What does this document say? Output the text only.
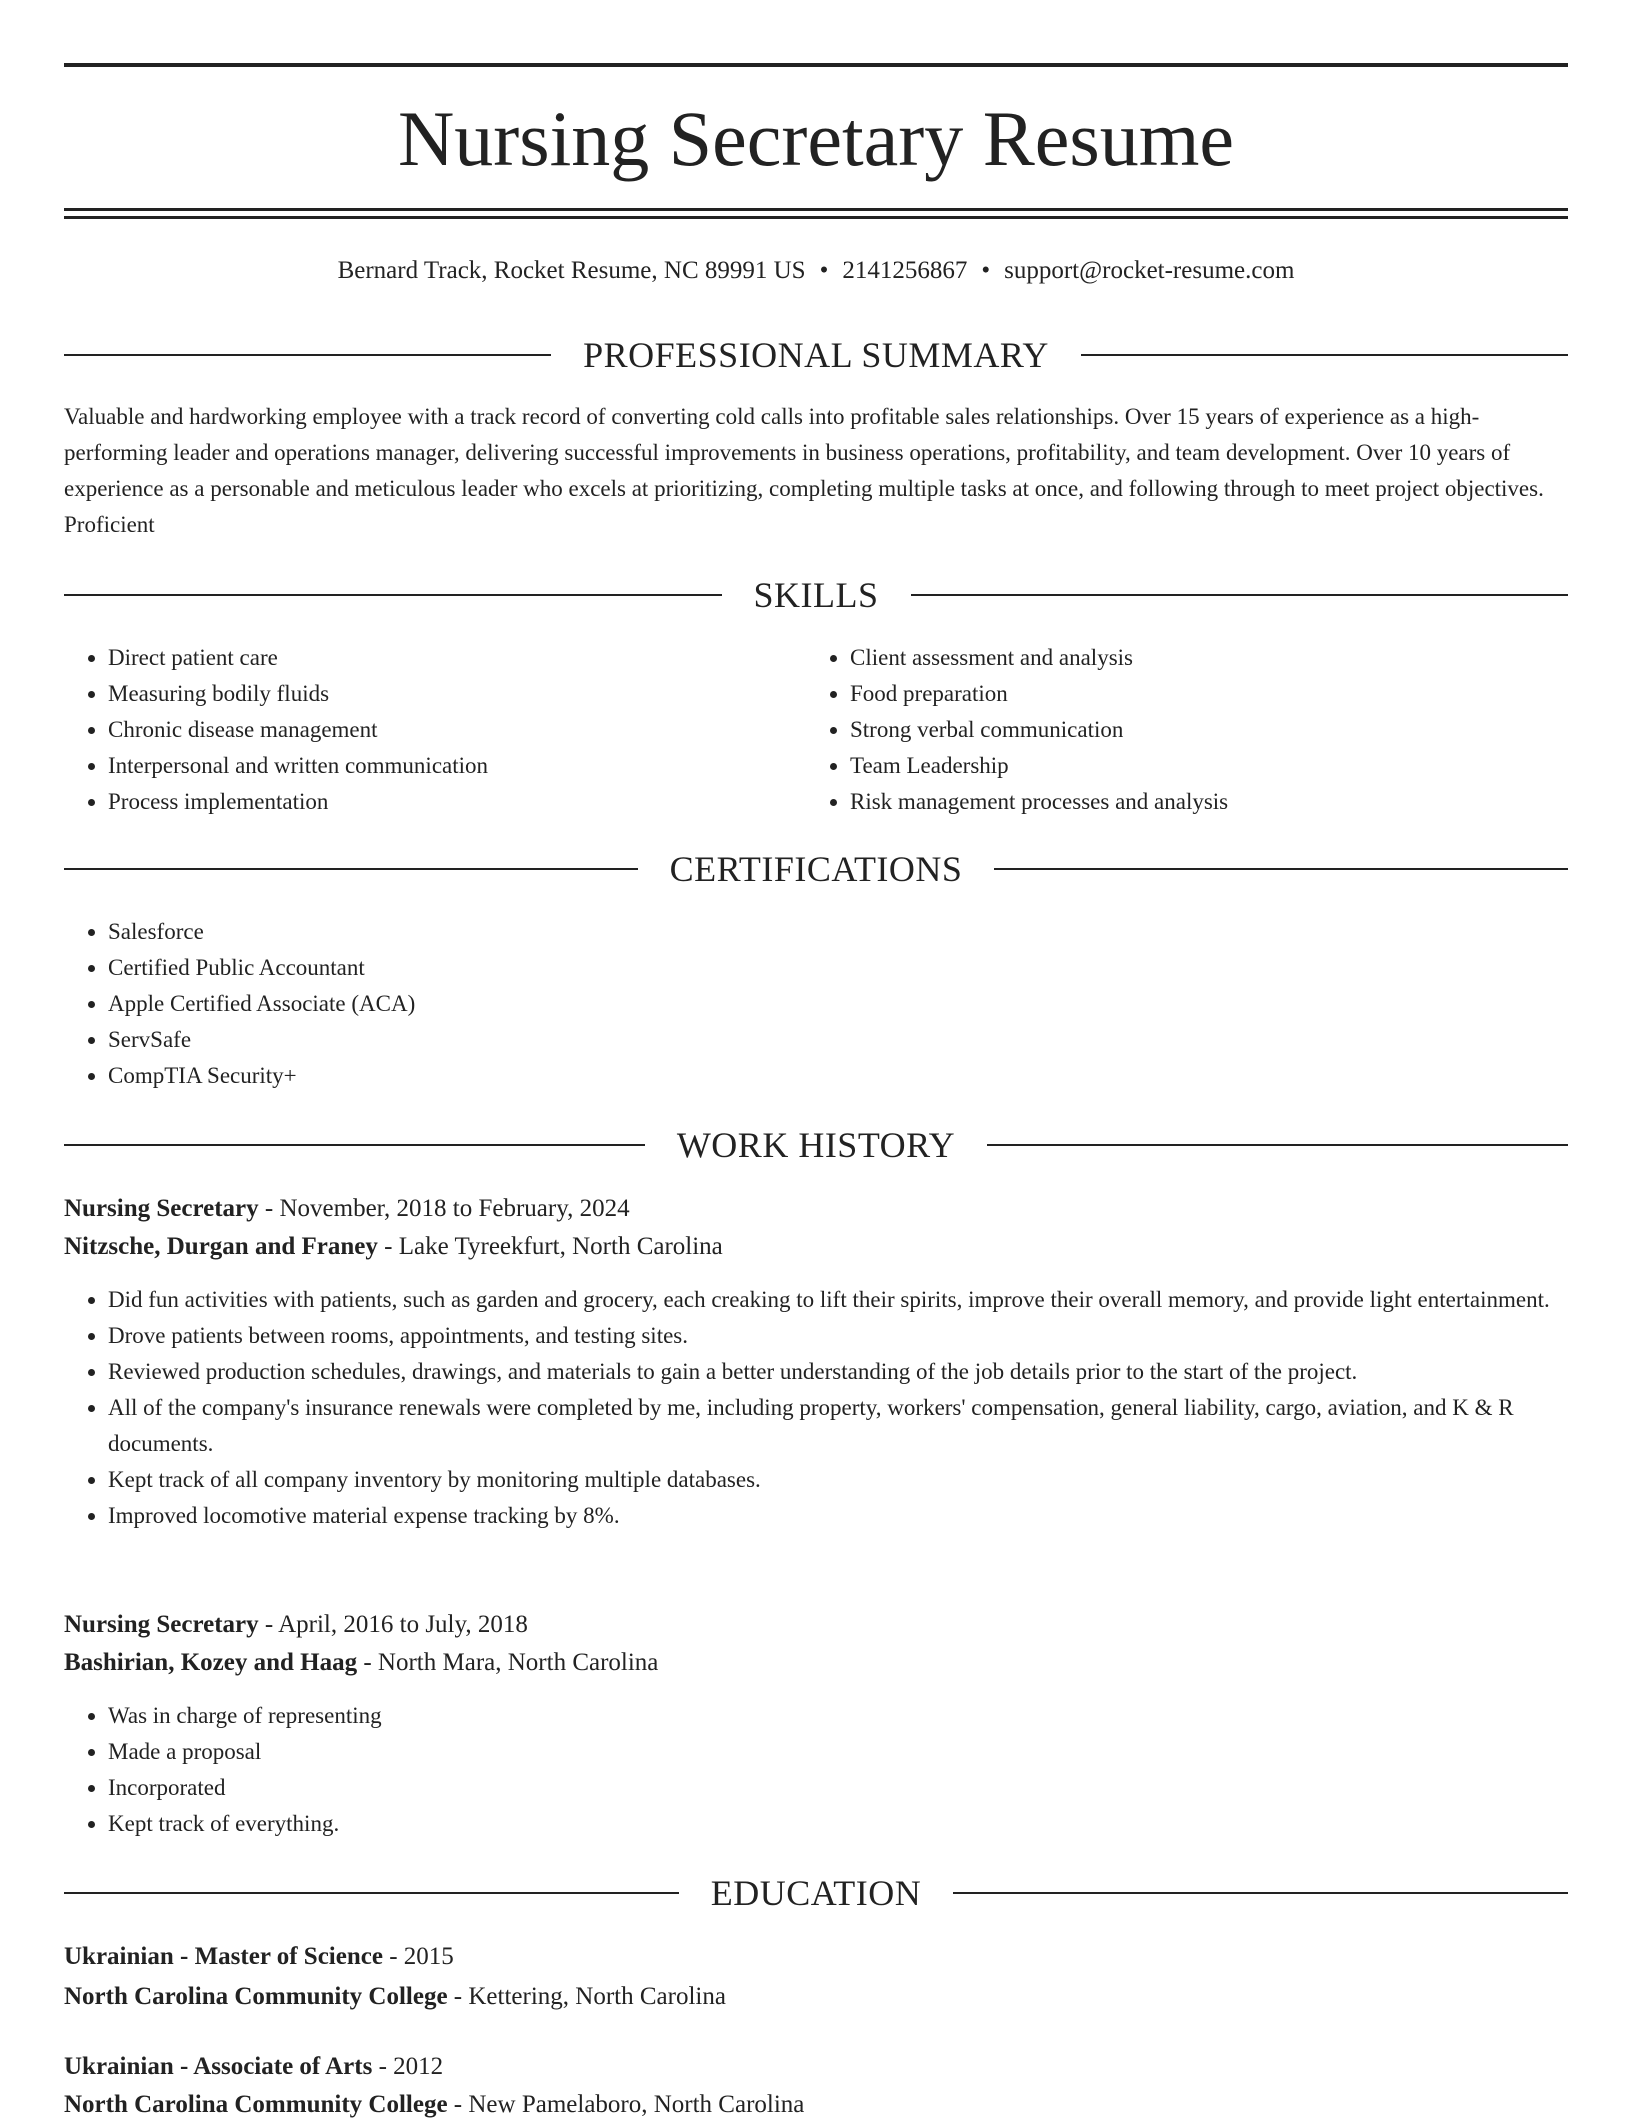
Nursing Secretary Resume
Bernard Track, Rocket Resume, NC 89991 US • 2141256867 • support@rocket-resume.com
PROFESSIONAL SUMMARY

Valuable and hardworking employee with a track record of converting cold calls into profitable sales relationships. Over 15 years of experience as a high-performing leader and operations manager, delivering successful improvements in business operations, profitability, and team development. Over 10 years of experience as a personable and meticulous leader who excels at prioritizing, completing multiple tasks at once, and following through to meet project objectives. Proficient

SKILLS
• Direct patient care
• Measuring bodily fluids
• Chronic disease management
• Interpersonal and written communication
• Process implementation
• Client assessment and analysis
• Food preparation
• Strong verbal communication
• Team Leadership
• Risk management processes and analysis
CERTIFICATIONS
• Salesforce
• Certified Public Accountant
• Apple Certified Associate (ACA)
• ServSafe
• CompTIA Security+
WORK HISTORY
Nursing Secretary - November, 2018 to February, 2024
Nitzsche, Durgan and Franey - Lake Tyreekfurt, North Carolina
• Did fun activities with patients, such as garden and grocery, each creaking to lift their spirits, improve their overall memory, and provide light entertainment.
• Drove patients between rooms, appointments, and testing sites.
• Reviewed production schedules, drawings, and materials to gain a better understanding of the job details prior to the start of the project.
• All of the company's insurance renewals were completed by me, including property, workers' compensation, general liability, cargo, aviation, and K & R documents.
• Kept track of all company inventory by monitoring multiple databases.
• Improved locomotive material expense tracking by 8%.
Nursing Secretary - April, 2016 to July, 2018
Bashirian, Kozey and Haag - North Mara, North Carolina
• Was in charge of representing
• Made a proposal
• Incorporated
• Kept track of everything.
EDUCATION
Ukrainian - Master of Science - 2015
North Carolina Community College - Kettering, North Carolina
Ukrainian - Associate of Arts - 2012
North Carolina Community College - New Pamelaboro, North Carolina
